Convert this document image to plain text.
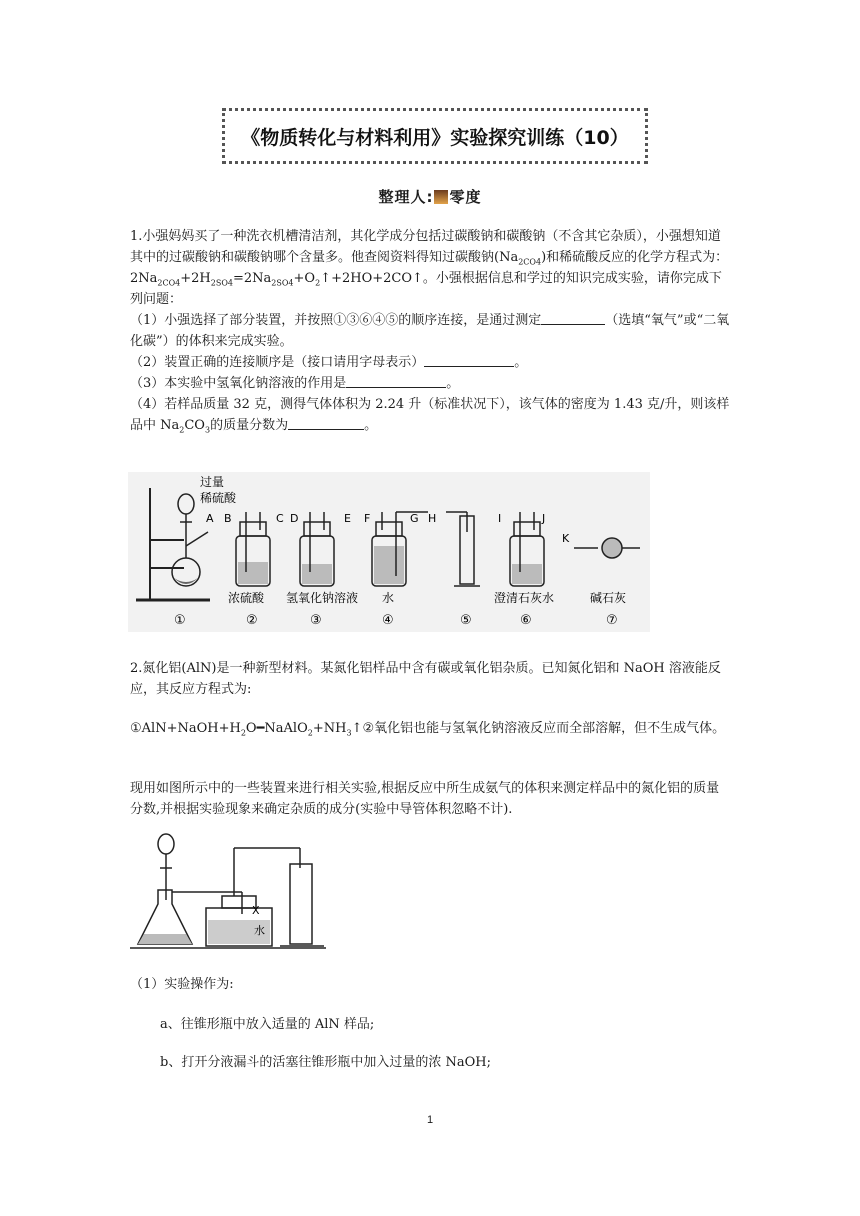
《物质转化与材料利用》实验探究训练（10）
整理人: 零度

1.小强妈妈买了一种洗衣机槽清洁剂，其化学成分包括过碳酸钠和碳酸钠（不含其它杂质），小强想知道其中的过碳酸钠和碳酸钠哪个含量多。他查阅资料得知过碳酸钠$(Na_{2CO4})$和稀硫酸反应的化学方程式为：$2Na_{2CO4}+2H_{2SO4}=2Na_{2SO4}+O_2↑+2HO+2CO↑$。小强根据信息和学过的知识完成实验，请你完成下列问题：

（1）小强选择了部分装置，并按照①③⑥④⑤的顺序连接，是通过测定	（选填“氧气”或“二氧化碳”）的体积来完成实验。

（2）装置正确的连接顺序是（接口请用字母表示）	。

（3）本实验中氢氧化钠溶液的作用是	。

（4）若样品质量 32 克，测得气体体积为 2.24 升（标准状况下），该气体的密度为 1.43 克/升，则该样品中 $Na_2CO_3$的质量分数为	。

过量
稀硫酸
A B	C D	E F	G H	I	J
K
浓硫酸 氢氧化钠溶液 水	澄清石灰水	碱石灰
①	②	③	④	⑤	⑥	⑦

2.氮化铝(AlN)是一种新型材料。某氮化铝样品中含有碳或氧化铝杂质。已知氮化铝和 NaOH 溶液能反应，其反应方程式为:

$①AlN+NaOH+H_2O━NaAlO_2+NH_3↑②$氧化铝也能与氢氧化钠溶液反应而全部溶解，但不生成气体。

现用如图所示中的一些装置来进行相关实验,根据反应中所生成氨气的体积来测定样品中的氮化铝的质量分数,并根据实验现象来确定杂质的成分(实验中导管体积忽略不计).

X
水

（1）实验操作为:

a、往锥形瓶中放入适量的 AlN 样品;

b、打开分液漏斗的活塞往锥形瓶中加入过量的浓 NaOH;

1
